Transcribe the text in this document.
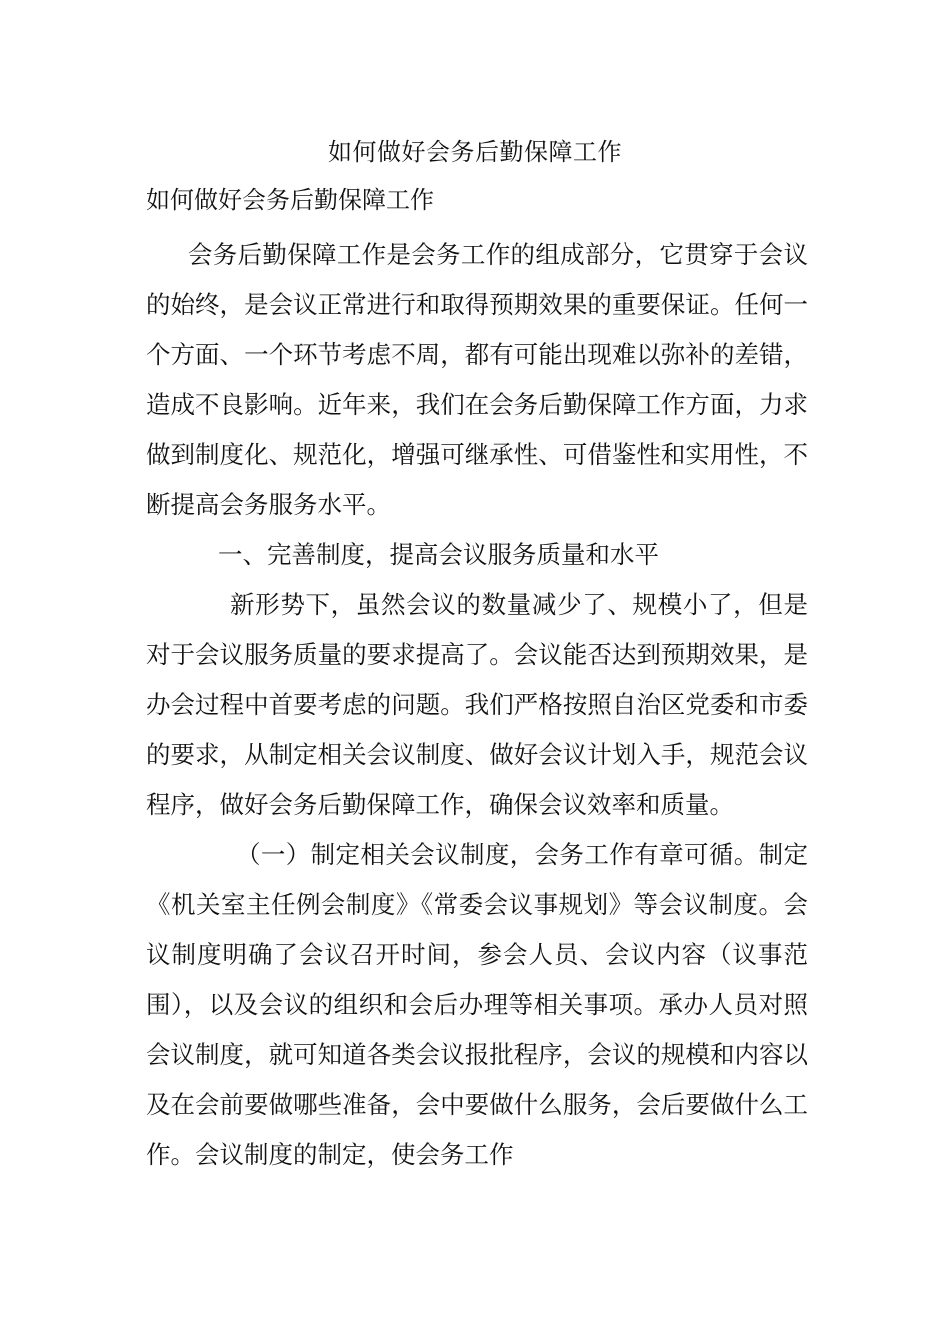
如何做好会务后勤保障工作
如何做好会务后勤保障工作

会务后勤保障工作是会务工作的组成部分，它贯穿于会议的始终，是会议正常进行和取得预期效果的重要保证。任何一个方面、一个环节考虑不周，都有可能出现难以弥补的差错，造成不良影响。近年来，我们在会务后勤保障工作方面，力求做到制度化、规范化，增强可继承性、可借鉴性和实用性，不断提高会务服务水平。

一、完善制度，提高会议服务质量和水平

新形势下，虽然会议的数量减少了、规模小了，但是对于会议服务质量的要求提高了。会议能否达到预期效果，是办会过程中首要考虑的问题。我们严格按照自治区党委和市委的要求，从制定相关会议制度、做好会议计划入手，规范会议程序，做好会务后勤保障工作，确保会议效率和质量。

（一）制定相关会议制度，会务工作有章可循。制定《机关室主任例会制度》《常委会议事规划》等会议制度。会议制度明确了会议召开时间，参会人员、会议内容（议事范围），以及会议的组织和会后办理等相关事项。承办人员对照会议制度，就可知道各类会议报批程序，会议的规模和内容以及在会前要做哪些准备，会中要做什么服务，会后要做什么工作。会议制度的制定，使会务工作
